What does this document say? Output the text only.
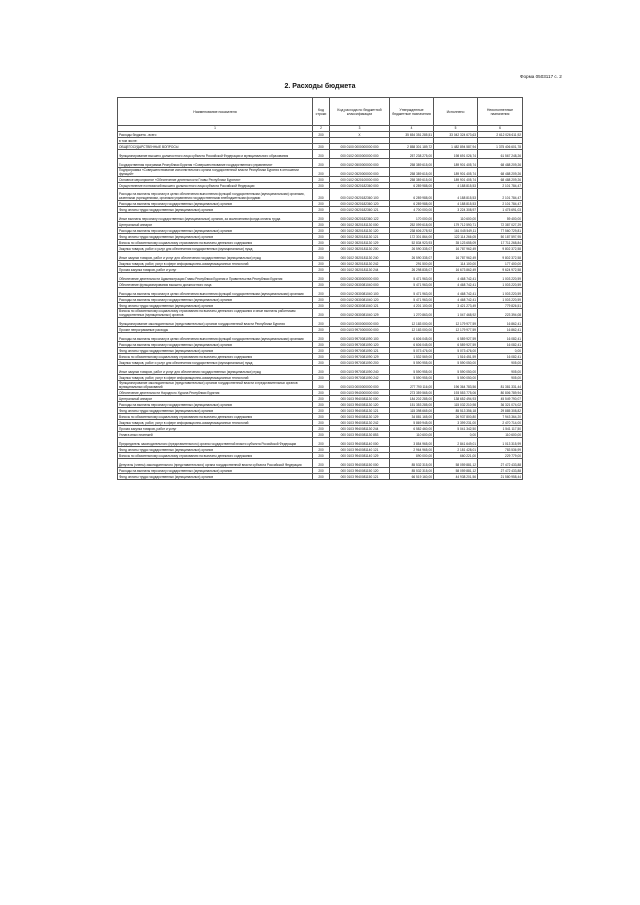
Форма 0503117 с. 2
2. Расходы бюджета
Наименование показателя	Код строки	Код расхода по бюджетной классификации	Утвержденные бюджетные назначения	Исполнено	Неисполненные назначения
1	2	3	4	5	6
Расходы бюджета - всего	200	X	35 654 351 285,51	33 042 324 673,63	2 612 026 611,92
в том числе:					
ОБЩЕГОСУДАРСТВЕННЫЕ ВОПРОСЫ	200	000 0100 0000000000 000	2 858 301 189,72	1 482 894 587,94	1 375 406 601,78
Функционирование высшего должностного лица субъекта Российской Федерации и муниципального образования	200	000 0102 0000000000 000	257 238 275,00	198 691 026,74	61 567 248,26
Государственная программа Республики Бурятия «Совершенствование государственного управления»	200	000 0102 0500000000 000	258 389 615,00	189 901 405,74	68 488 209,26
Подпрограмма «Совершенствование исполнительного органа государственной власти Республики Бурятия в отношении функций»	200	000 0102 0520000000 000	258 389 615,00	189 901 405,74	68 488 209,26
Основное мероприятие «Обеспечение деятельности Главы Республики Бурятия»	200	000 0102 0520100000 000	258 389 615,00	189 901 405,74	68 488 209,26
Осуществление полномочий высшего должностного лица субъекта Российской Федерации	200	000 0102 0520182360 000	6 289 988,00	4 188 815,53	2 101 784,47
Расходы на выплаты персоналу в целях обеспечения выполнения функций государственными (муниципальными) органами, казенными учреждениями, органами управления государственными внебюджетными фондами	200	000 0102 0520182360 100	6 289 988,00	4 188 815,53	2 101 784,47
Расходы на выплаты персоналу государственных (муниципальных) органов	200	000 0102 0520182360 120	6 289 988,00	4 188 815,53	2 101 784,47
Фонд оплаты труда государственных (муниципальных) органов	200	000 0102 0520182360 121	4 700 000,00	3 224 308,97	1 475 691,03
Иные выплаты персоналу государственных (муниципальных) органов, за исключением фонда оплаты труда	200	000 0102 0520182360 122	170 000,00	110 600,00	59 400,00
Центральный аппарат	200	000 0102 0520181130 000	252 099 618,00	179 712 590,71	72 387 027,29
Расходы на выплаты персоналу государственных (муниципальных) органов	200	000 0102 0520181130 120	238 606 278,92	161 045 549,11	77 560 729,81
Фонд оплаты труда государственных (муниципальных) органов	200	000 0102 0520181130 121	172 301 864,00	122 114 266,05	50 187 597,95
Взносы по обязательному социальному страхованию на выплаты денежного содержания	200	000 0102 0520181130 129	52 834 923,93	35 123 655,09	17 711 268,84
Закупка товаров, работ и услуг для обеспечения государственных (муниципальных) нужд	200	000 0102 0520181130 200	26 590 335,07	16 787 962,49	9 802 372,58
Иные закупки товаров, работ и услуг для обеспечения государственных (муниципальных) нужд	200	000 0102 0520181130 240	26 590 335,07	16 787 962,49	9 802 372,58
Закупка товаров, работ, услуг в сфере информационно-коммуникационных технологий	200	000 0102 0520181130 242	291 500,00	114 100,00	177 400,00
Прочая закупка товаров, работ и услуг	200	000 0102 0520181130 244	26 298 835,07	16 673 862,49	9 624 972,58
Обеспечение деятельности Администрации Главы Республики Бурятия и Правительства Республики Бурятия	200	000 0102 0530000000 000	5 471 963,00	4 468 742,41	1 003 220,59
Обеспечение функционирования высшего должностного лица	200	000 0102 0530081040 000	5 471 963,00	4 468 742,41	1 003 220,59
Расходы на выплаты персоналу в целях обеспечения выполнения функций государственными (муниципальными) органами	200	000 0102 0530081040 100	5 471 963,00	4 468 742,41	1 003 220,59
Расходы на выплаты персоналу государственных (муниципальных) органов	200	000 0102 0530081040 120	5 471 963,00	4 468 742,41	1 003 220,59
Фонд оплаты труда государственных (муниципальных) органов	200	000 0102 0530081040 121	4 201 100,00	3 421 273,49	779 826,51
Взносы по обязательному социальному страхованию на выплаты денежного содержания и иные выплаты работникам государственных (муниципальных) органов	200	000 0102 0530081040 129	1 270 863,00	1 047 468,92	223 394,08
Функционирование законодательных (представительных) органов государственной власти Республики Бурятия	200	000 0103 0000000000 000	12 183 000,00	12 179 977,59	16 862,41
Прочие непрограммные расходы	200	000 0103 9970000000 000	12 183 000,00	12 179 977,59	16 862,41
Расходы на выплаты персоналу в целях обеспечения выполнения функций государственными (муниципальными) органами	200	000 0103 9970081090 100	6 606 045,00	6 589 927,59	16 082,41
Расходы на выплаты персоналу государственных (муниципальных) органов	200	000 0103 9970081090 120	6 606 045,00	6 589 927,59	16 082,41
Фонд оплаты труда государственных (муниципальных) органов	200	000 0103 9970081090 121	5 073 476,00	5 073 476,00	0,00
Взносы по обязательному социальному страхованию на выплаты денежного содержания	200	000 0103 9970081090 129	1 532 569,00	1 516 451,59	16 082,41
Закупка товаров, работ и услуг для обеспечения государственных (муниципальных) нужд	200	000 0103 9970081090 200	5 590 955,00	5 590 050,00	905,00
Иные закупки товаров, работ и услуг для обеспечения государственных (муниципальных) нужд	200	000 0103 9970081090 240	5 590 955,00	5 590 050,00	905,00
Закупка товаров, работ, услуг в сфере информационно-коммуникационных технологий	200	000 0103 9970081090 242	5 590 955,00	5 590 050,00	905,00
Функционирование законодательных (представительных) органов государственной власти и представительных органов муниципальных образований	200	000 0103 0000000000 000	277 790 116,00	196 364 783,56	81 381 331,44
Обеспечение деятельности Народного Хурала Республики Бурятия	200	000 0103 9940000000 000	273 359 565,00	193 553 775,06	80 806 789,94
Центральный аппарат	200	000 0103 9940081130 000	184 202 285,00	138 652 494,93	45 549 790,07
Расходы на выплаты персоналу государственных (муниципальных) органов	200	000 0103 9940081130 120	151 353 285,00	115 032 210,98	36 321 074,02
Фонд оплаты труда государственных (муниципальных) органов	200	000 0103 9940081130 121	115 398 665,00	85 513 356,18	29 885 308,82
Взносы по обязательному социальному страхованию на выплаты денежного содержания	200	000 0103 9940081130 129	34 881 165,00	26 937 800,80	7 943 364,20
Закупка товаров, работ, услуг в сфере информационно-коммуникационных технологий	200	000 0103 9940081130 242	5 869 945,00	3 399 231,00	2 470 714,00
Прочая закупка товаров, работ и услуг	200	000 0103 9940081130 244	6 582 460,00	5 041 342,50	1 541 117,50
Уплата иных платежей	200	000 0103 9940081130 853	110 600,00	0,00	110 600,00
Председатель законодательного (представительного) органа государственной власти субъекта Российской Федерации	200	000 0103 9940081140 000	3 854 965,00	2 841 649,01	1 013 315,99
Фонд оплаты труда государственных (муниципальных) органов	200	000 0103 9940081140 121	2 964 965,00	2 181 428,01	783 536,99
Взносы по обязательному социальному страхованию на выплаты денежного содержания	200	000 0103 9940081140 129	890 000,00	660 221,00	229 779,00
Депутаты (члены) законодательного (представительного) органа государственной власти субъекта Российской Федерации	200	000 0103 9940081150 000	85 532 315,00	58 059 881,12	27 472 433,88
Расходы на выплаты персоналу государственных (муниципальных) органов	200	000 0103 9940081150 120	85 532 315,00	58 059 881,12	27 472 433,88
Фонд оплаты труда государственных (муниципальных) органов	200	000 0103 9940081150 121	66 519 160,00	44 938 201,56	21 580 958,44
